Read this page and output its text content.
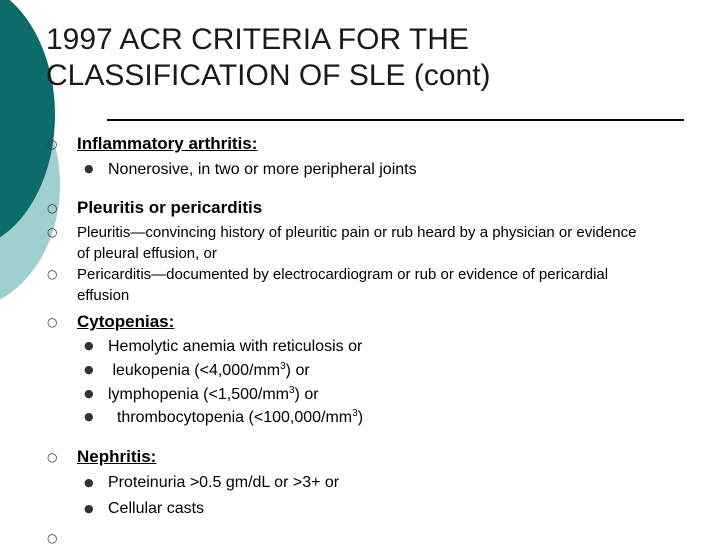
1997 ACR CRITERIA FOR THE
CLASSIFICATION OF SLE (cont)
○	Inflammatory arthritis:
● Nonerosive, in two or more peripheral joints
○	Pleuritis or pericarditis
○	Pleuritis—convincing history of pleuritic pain or rub heard by a physician or evidence of pleural effusion, or
○	Pericarditis—documented by electrocardiogram or rub or evidence of pericardial effusion
○	Cytopenias:
● Hemolytic anemia with reticulosis or
● leukopenia $(<4,000/mm^3)$ or
● lymphopenia $(<1,500/mm^3)$ or
● thrombocytopenia $(<100,000/mm^3)$
○	Nephritis:
● Proteinuria >0.5 gm/dL or >3+ or
● Cellular casts
○
